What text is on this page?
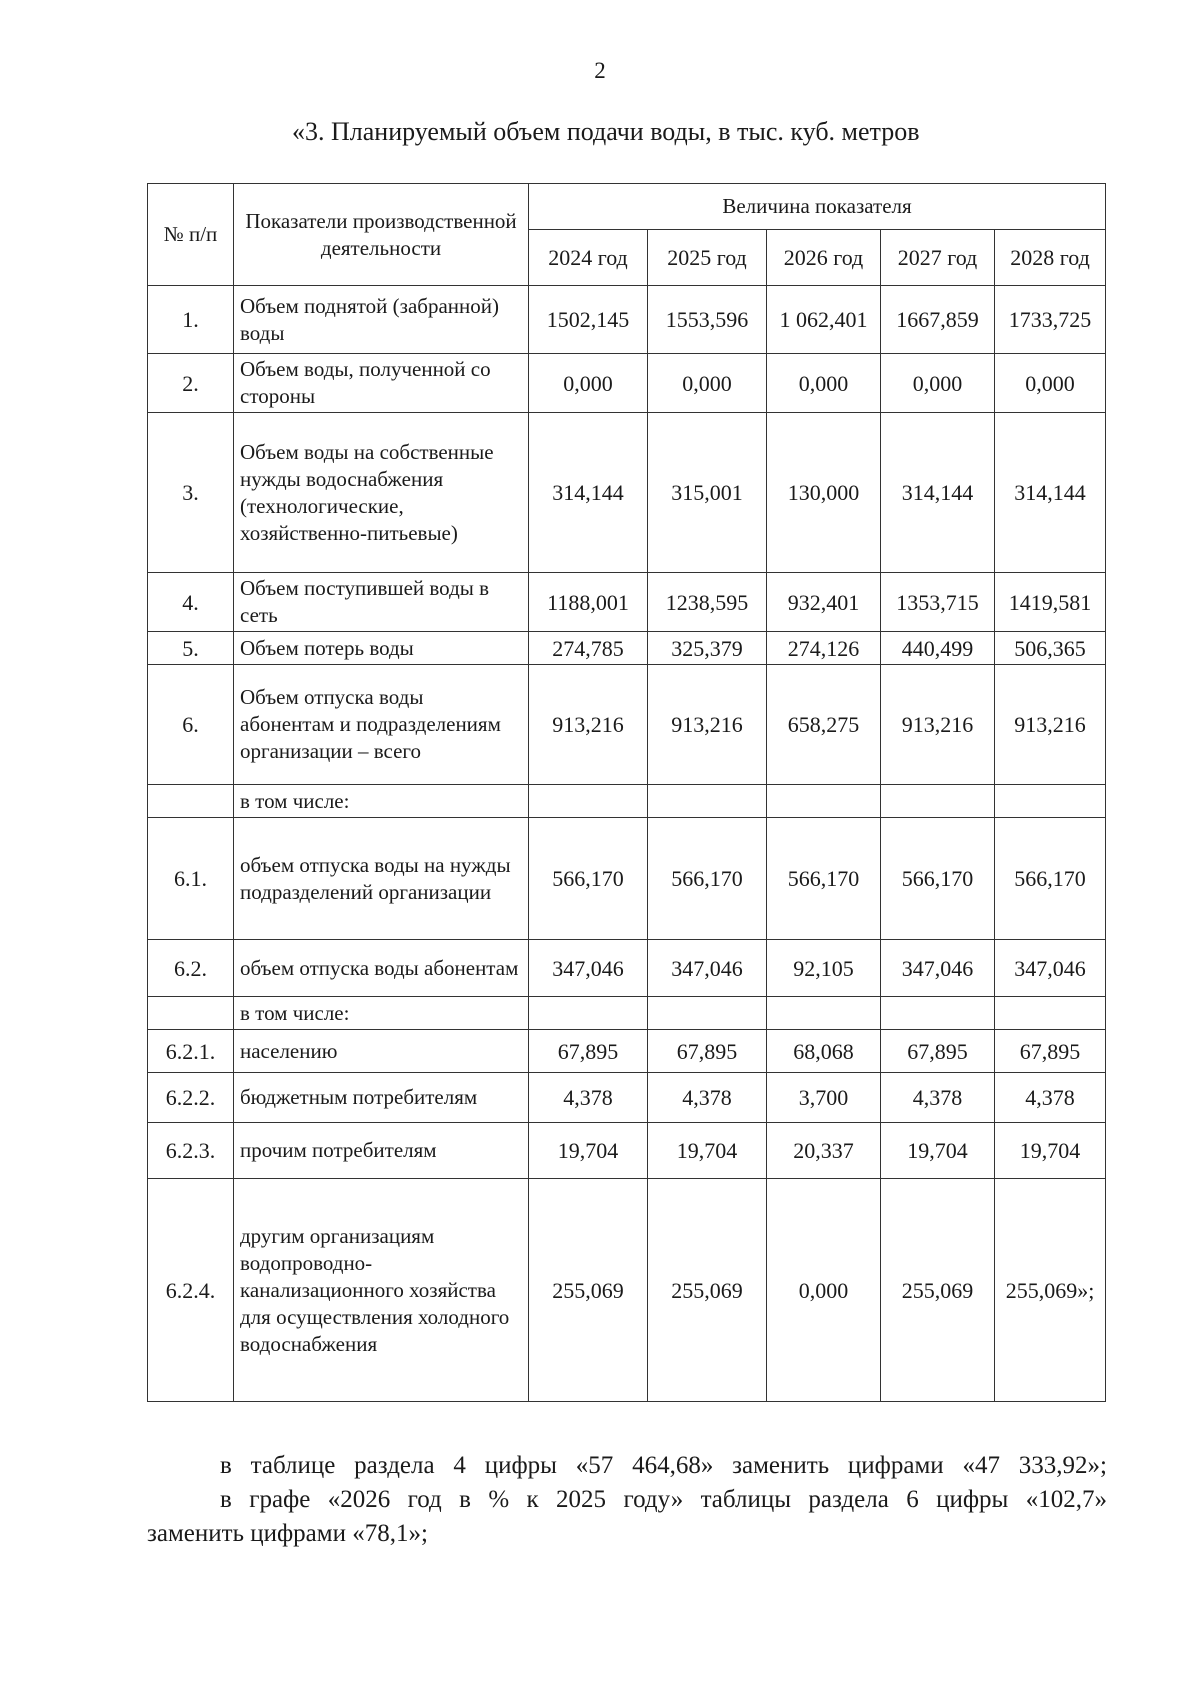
2
«3. Планируемый объем подачи воды, в тыс. куб. метров
№ п/п	Показатели производственной деятельности	Величина показателя				
		2024 год	2025 год	2026 год	2027 год	2028 год
1.	Объем поднятой (забранной) воды	1502,145	1553,596	1 062,401	1667,859	1733,725
2.	Объем воды, полученной со стороны	0,000	0,000	0,000	0,000	0,000
3.	Объем воды на собственные нужды водоснабжения (технологические, хозяйственно-питьевые)	314,144	315,001	130,000	314,144	314,144
4.	Объем поступившей воды в сеть	1188,001	1238,595	932,401	1353,715	1419,581
5.	Объем потерь воды	274,785	325,379	274,126	440,499	506,365
6.	Объем отпуска воды абонентам и подразделениям организации – всего	913,216	913,216	658,275	913,216	913,216
	в том числе:					
6.1.	объем отпуска воды на нужды подразделений организации	566,170	566,170	566,170	566,170	566,170
6.2.	объем отпуска воды абонентам	347,046	347,046	92,105	347,046	347,046
	в том числе:					
6.2.1.	населению	67,895	67,895	68,068	67,895	67,895
6.2.2.	бюджетным потребителям	4,378	4,378	3,700	4,378	4,378
6.2.3.	прочим потребителям	19,704	19,704	20,337	19,704	19,704
6.2.4.	другим организациям водопроводно-канализационного хозяйства для осуществления холодного водоснабжения	255,069	255,069	0,000	255,069	255,069»;
в таблице раздела 4 цифры «57 464,68» заменить цифрами «47 333,92»;
в графе «2026 год в % к 2025 году» таблицы раздела 6 цифры «102,7»
заменить цифрами «78,1»;
